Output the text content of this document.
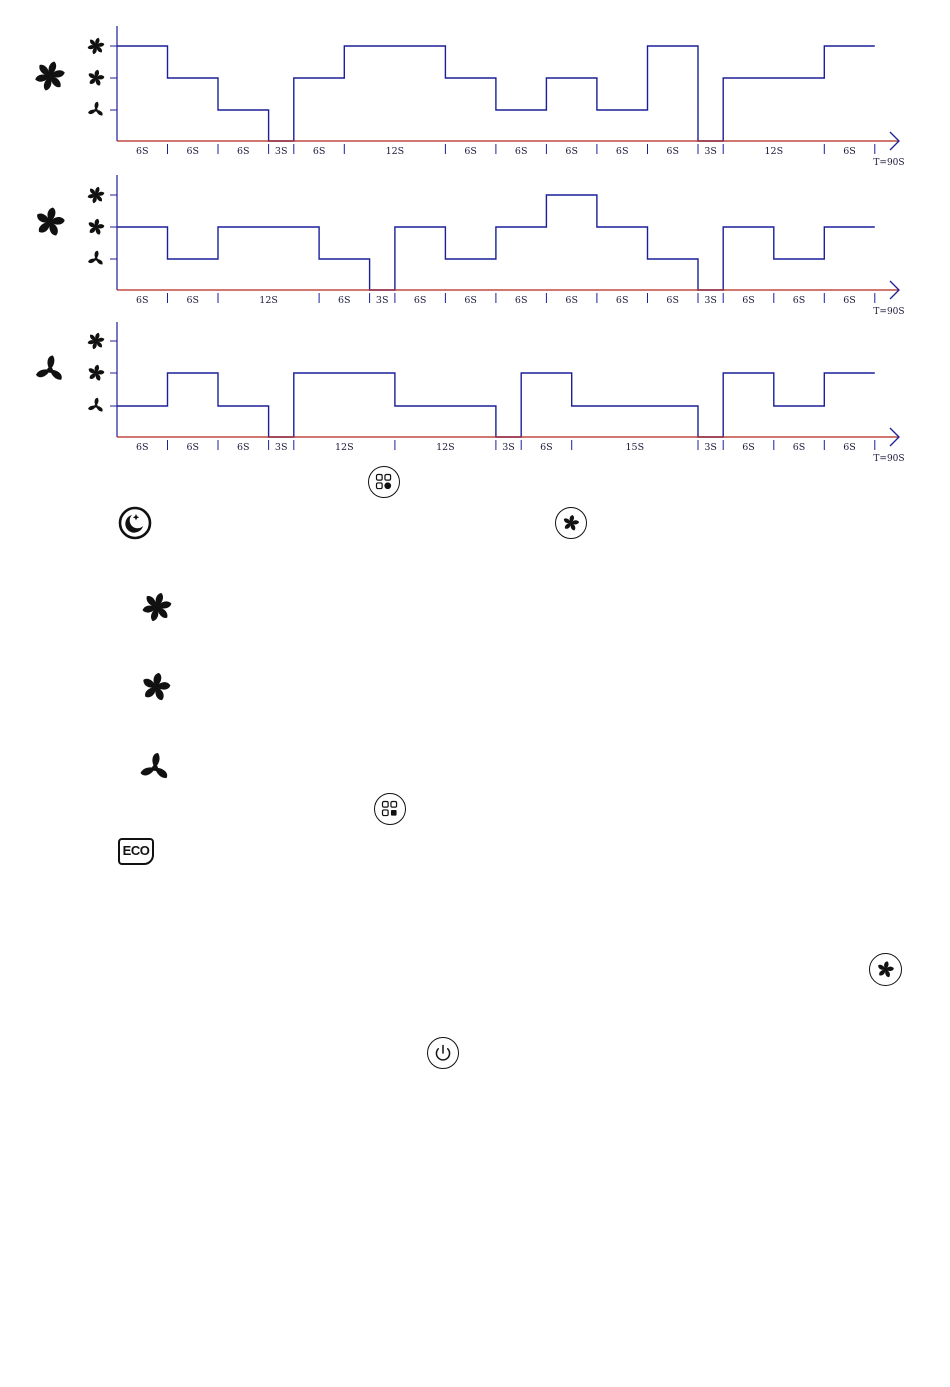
6S	6S	6S	3S	6S	12S	6S	6S	6S	6S	6S	3S	12S	6S
T=90S
6S	6S	12S	6S	3S	6S	6S	6S	6S	6S	6S	3S	6S	6S	6S
T=90S
6S	6S	6S	3S	12S	12S	3S	6S	15S	3S	6S	6S	6S
T=90S
ECO
